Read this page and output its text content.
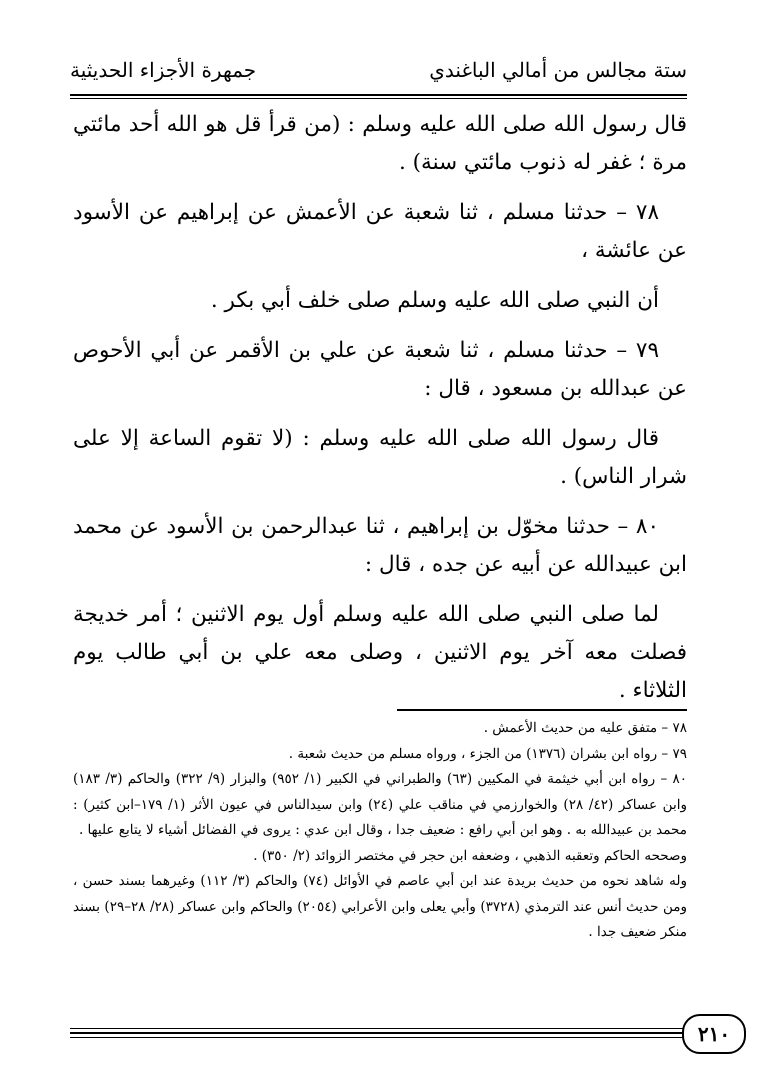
ستة مجالس من أمالي الباغندي
جمهرة الأجزاء الحديثية

قال رسول الله صلى الله عليه وسلم : (من قرأ قل هو الله أحد مائتي مرة ؛ غفر له ذنوب مائتي سنة) .

٧٨ – حدثنا مسلم ، ثنا شعبة عن الأعمش عن إبراهيم عن الأسود عن عائشة ،

أن النبي صلى الله عليه وسلم صلى خلف أبي بكر .

٧٩ – حدثنا مسلم ، ثنا شعبة عن علي بن الأقمر عن أبي الأحوص عن عبدالله بن مسعود ، قال :

قال رسول الله صلى الله عليه وسلم : (لا تقوم الساعة إلا على شرار الناس) .

٨٠ – حدثنا مخوّل بن إبراهيم ، ثنا عبدالرحمن بن الأسود عن محمد ابن عبيدالله عن أبيه عن جده ، قال :

لما صلى النبي صلى الله عليه وسلم أول يوم الاثنين ؛ أمر خديجة فصلت معه آخر يوم الاثنين ، وصلى معه علي بن أبي طالب يوم الثلاثاء .

٧٨ – متفق عليه من حديث الأعمش .

٧٩ – رواه ابن بشران (١٣٧٦) من الجزء ، ورواه مسلم من حديث شعبة .

٨٠ – رواه ابن أبي خيثمة في المكيين (٦٣) والطبراني في الكبير (١/ ٩٥٢) والبزار (٩/ ٣٢٢) والحاكم (٣/ ١٨٣) وابن عساكر (٤٢/ ٢٨) والخوارزمي في مناقب علي (٢٤) وابن سيدالناس في عيون الأثر (١/ ١٧٩–ابن كثير) : محمد بن عبيدالله به . وهو ابن أبي رافع : ضعيف جدا ، وقال ابن عدي : يروى في الفضائل أشياء لا يتابع عليها .

وصححه الحاكم وتعقبه الذهبي ، وضعفه ابن حجر في مختصر الزوائد (٢/ ٣٥٠) .

وله شاهد نحوه من حديث بريدة عند ابن أبي عاصم في الأوائل (٧٤) والحاكم (٣/ ١١٢) وغيرهما بسند حسن ، ومن حديث أنس عند الترمذي (٣٧٢٨) وأبي يعلى وابن الأعرابي (٢٠٥٤) والحاكم وابن عساكر (٢٨/ ٢٨–٢٩) بسند منكر ضعيف جدا .

٢١٠
